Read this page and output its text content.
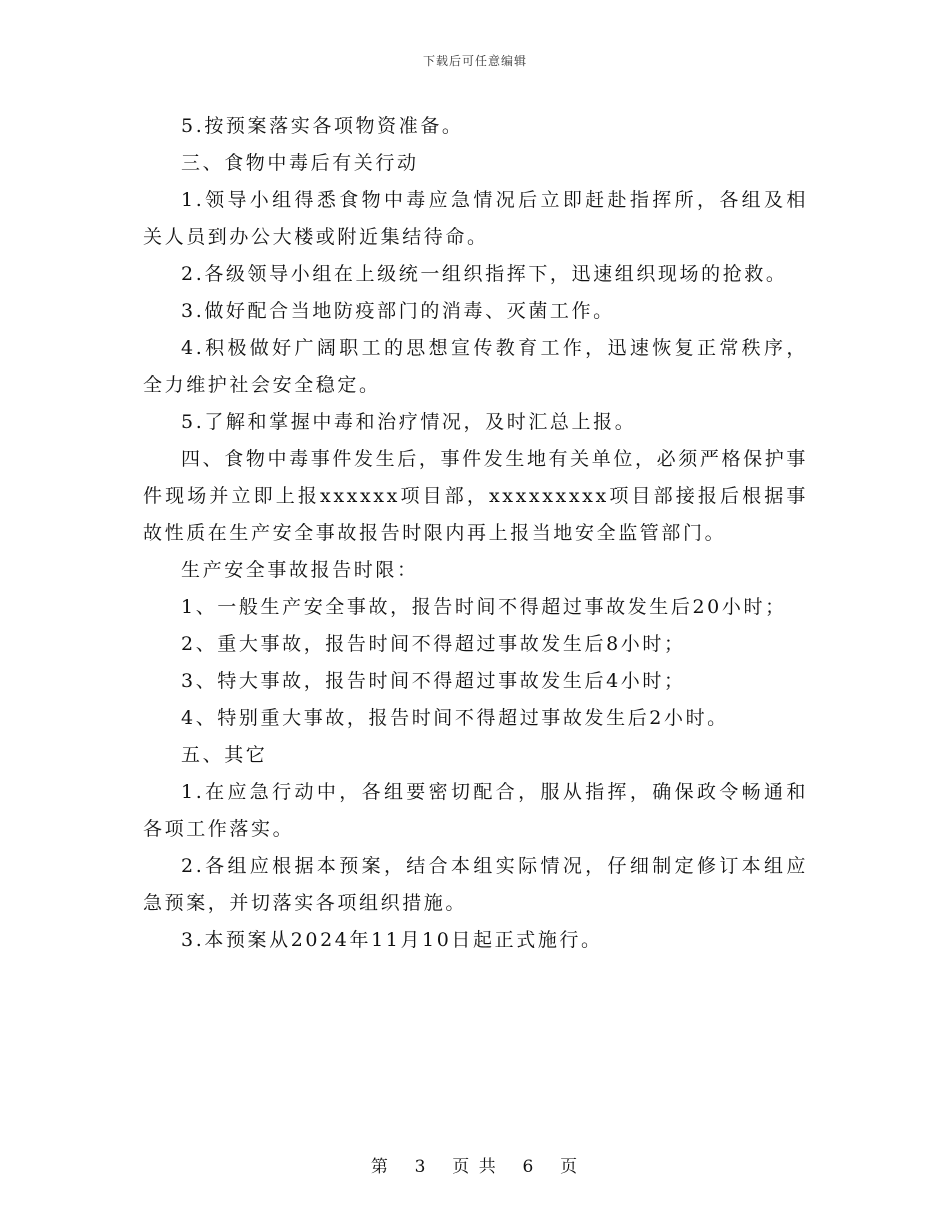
下载后可任意编辑

5.按预案落实各项物资准备。

三、食物中毒后有关行动

1.领导小组得悉食物中毒应急情况后立即赶赴指挥所，各组及相关人员到办公大楼或附近集结待命。

2.各级领导小组在上级统一组织指挥下，迅速组织现场的抢救。

3.做好配合当地防疫部门的消毒、灭菌工作。

4.积极做好广阔职工的思想宣传教育工作，迅速恢复正常秩序，全力维护社会安全稳定。

5.了解和掌握中毒和治疗情况，及时汇总上报。

四、食物中毒事件发生后，事件发生地有关单位，必须严格保护事件现场并立即上报xxxxxx项目部，xxxxxxxxx项目部接报后根据事故性质在生产安全事故报告时限内再上报当地安全监管部门。

生产安全事故报告时限：

1、一般生产安全事故，报告时间不得超过事故发生后20小时；

2、重大事故，报告时间不得超过事故发生后8小时；

3、特大事故，报告时间不得超过事故发生后4小时；

4、特别重大事故，报告时间不得超过事故发生后2小时。

五、其它

1.在应急行动中，各组要密切配合，服从指挥，确保政令畅通和各项工作落实。

2.各组应根据本预案，结合本组实际情况，仔细制定修订本组应急预案，并切落实各项组织措施。

3.本预案从2024年11月10日起正式施行。

第 3 页 共 6 页
